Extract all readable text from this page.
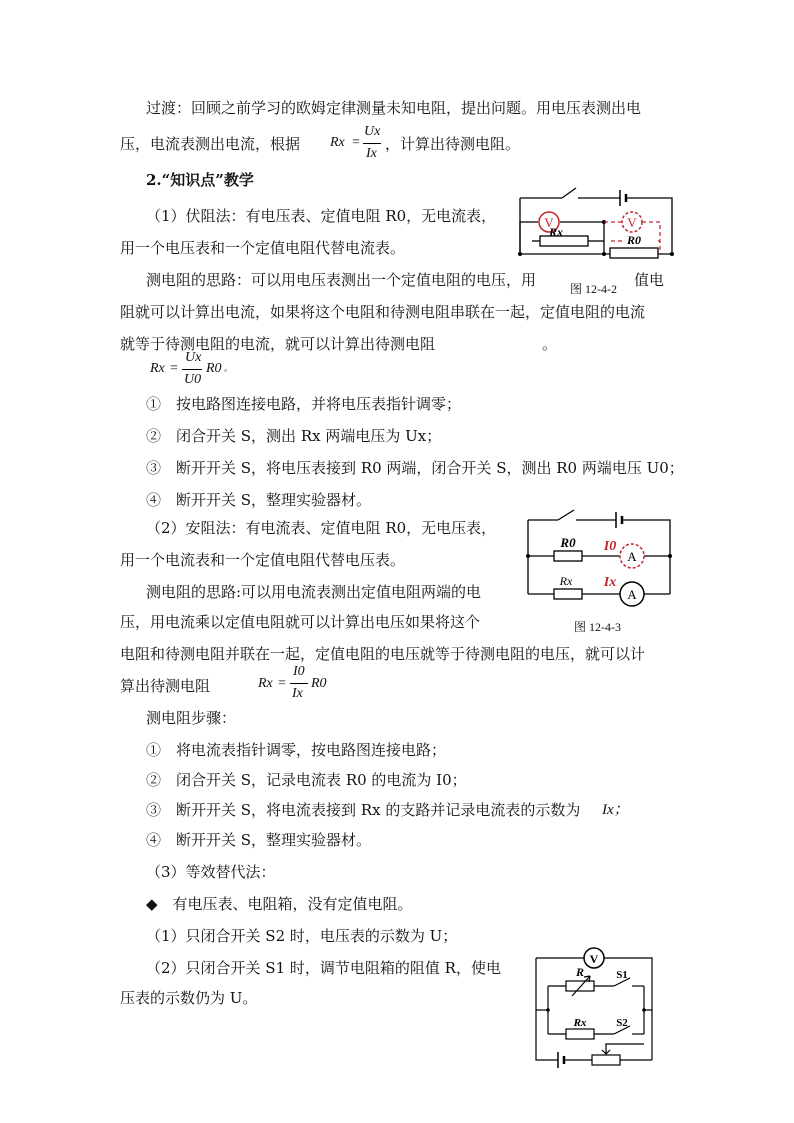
过渡：回顾之前学习的欧姆定律测量未知电阻，提出问题。用电压表测出电
压，电流表测出电流，根据 Rx =
Ux
Ix
，计算出待测电阻。
2.“知识点”教学
（1）伏阻法：有电压表、定值电阻 R0，无电流表，
用一个电压表和一个定值电阻代替电流表。
测电阻的思路：可以用电压表测出一个定值电阻的电压，用	值电
阻就可以计算出电流，如果将这个电阻和待测电阻串联在一起，定值电阻的电流
就等于待测电阻的电流，就可以计算出待测电阻	。
Rx =
Ux
U0
R0 。
①　按电路图连接电路，并将电压表指针调零；
②　闭合开关 S，测出 Rx 两端电压为 Ux；
③　断开开关 S，将电压表接到 R0 两端，闭合开关 S，测出 R0 两端电压 U0；
④　断开开关 S，整理实验器材。
V
Rx
V
R0
图 12-4-2
（2）安阻法：有电流表、定值电阻 R0，无电压表，
用一个电流表和一个定值电阻代替电压表。
测电阻的思路:可以用电流表测出定值电阻两端的电
压，用电流乘以定值电阻就可以计算出电压如果将这个
电阻和待测电阻并联在一起，定值电阻的电压就等于待测电阻的电压，就可以计
算出待测电阻	Rx =
I0
Ix
R0
测电阻步骤：
①　将电流表指针调零，按电路图连接电路；
②　闭合开关 S，记录电流表 R0 的电流为 I0；
③　断开开关 S，将电流表接到 Rx 的支路并记录电流表的示数为 Ix；
④　断开开关 S，整理实验器材。
A
A
R0
Rx
I0
Ix
图 12-4-3
（3）等效替代法：
◆　有电压表、电阻箱，没有定值电阻。
（1）只闭合开关 S2 时，电压表的示数为 U；
（2）只闭合开关 S1 时，调节电阻箱的阻值 R，使电
压表的示数仍为 U。
V
R	S1
Rx	S2
